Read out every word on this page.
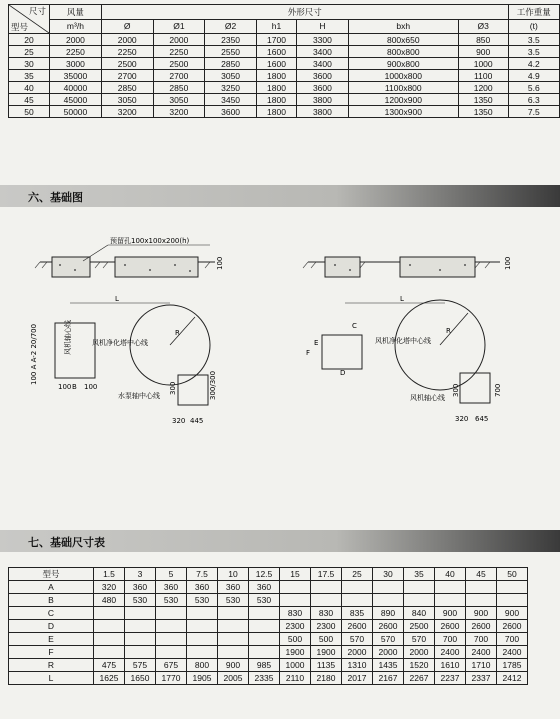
尺寸
型号	风量	外形尺寸							工作重量
	m³/h	Ø	Ø1	Ø2	h1	H	bxh	Ø3	(t)
20	2000	2000	2000	2350	1700	3300	800x650	850	3.5
25	2250	2250	2250	2550	1600	3400	800x800	900	3.5
30	3000	2500	2500	2850	1600	3400	900x800	1000	4.2
35	35000	2700	2700	3050	1800	3600	1000x800	1100	4.9
40	40000	2850	2850	3250	1800	3600	1100x800	1200	5.6
45	45000	3050	3050	3450	1800	3800	1200x900	1350	6.3
50	50000	3200	3200	3600	1800	3800	1300x900	1350	7.5
六、基础图
预留孔100x100x200(h)
100
L
R
风机净化塔中心线
风机轴心线
100 A A-2 20/700
100 B 100
水泵轴中心线
300	300/300
320 445
100
L
R
风机净化塔中心线
C
F
E
D
风机轴心线
300	700
320 645
七、基础尺寸表
型号	1.5	3	5	7.5	10	12.5	15	17.5	25	30	35	40	45	50
A	320	360	360	360	360	360								
B	480	530	530	530	530	530								
C							830	830	835	890	840	900	900	900
D							2300	2300	2600	2600	2500	2600	2600	2600
E							500	500	570	570	570	700	700	700
F							1900	1900	2000	2000	2000	2400	2400	2400
R	475	575	675	800	900	985	1000	1135	1310	1435	1520	1610	1710	1785
L	1625	1650	1770	1905	2005	2335	2110	2180	2017	2167	2267	2237	2337	2412
